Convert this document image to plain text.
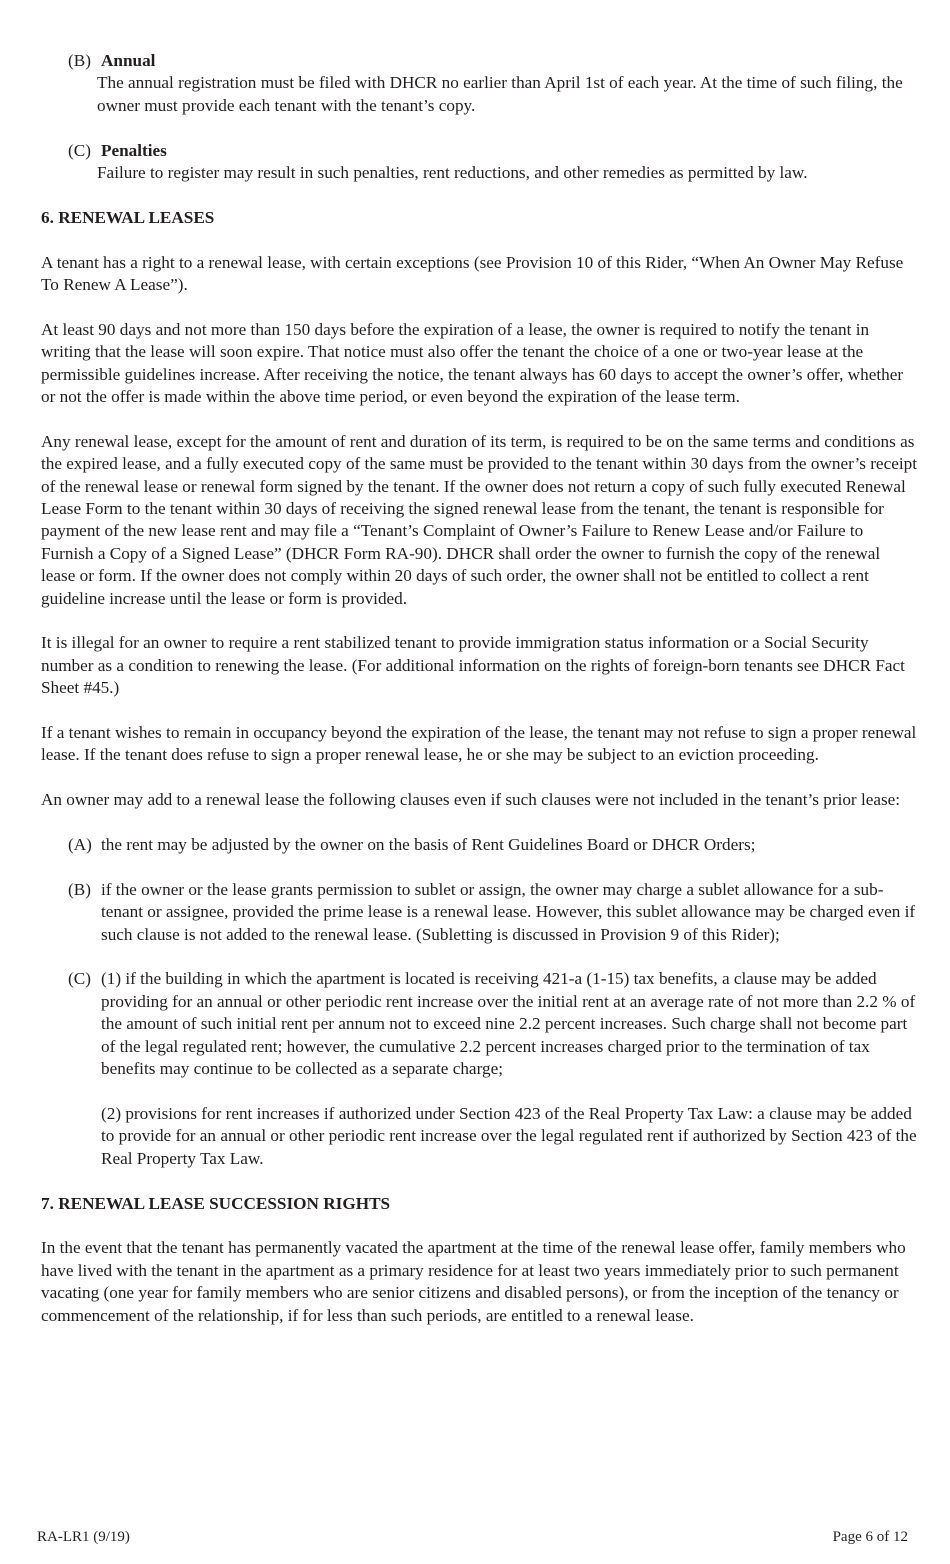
(B) Annual
The annual registration must be filed with DHCR no earlier than April 1st of each year. At the time of such filing, the owner must provide each tenant with the tenant’s copy.
(C) Penalties
Failure to register may result in such penalties, rent reductions, and other remedies as permitted by law.
6. RENEWAL LEASES

A tenant has a right to a renewal lease, with certain exceptions (see Provision 10 of this Rider, “When An Owner May Refuse To Renew A Lease”).

At least 90 days and not more than 150 days before the expiration of a lease, the owner is required to notify the tenant in writing that the lease will soon expire. That notice must also offer the tenant the choice of a one or two-year lease at the permissible guidelines increase. After receiving the notice, the tenant always has 60 days to accept the owner’s offer, whether or not the offer is made within the above time period, or even beyond the expiration of the lease term.

Any renewal lease, except for the amount of rent and duration of its term, is required to be on the same terms and conditions as the expired lease, and a fully executed copy of the same must be provided to the tenant within 30 days from the owner’s receipt of the renewal lease or renewal form signed by the tenant. If the owner does not return a copy of such fully executed Renewal Lease Form to the tenant within 30 days of receiving the signed renewal lease from the tenant, the tenant is responsible for payment of the new lease rent and may file a “Tenant’s Complaint of Owner’s Failure to Renew Lease and/or Failure to Furnish a Copy of a Signed Lease” (DHCR Form RA-90). DHCR shall order the owner to furnish the copy of the renewal lease or form. If the owner does not comply within 20 days of such order, the owner shall not be entitled to collect a rent guideline increase until the lease or form is provided.

It is illegal for an owner to require a rent stabilized tenant to provide immigration status information or a Social Security number as a condition to renewing the lease. (For additional information on the rights of foreign-born tenants see DHCR Fact Sheet #45.)

If a tenant wishes to remain in occupancy beyond the expiration of the lease, the tenant may not refuse to sign a proper renewal lease. If the tenant does refuse to sign a proper renewal lease, he or she may be subject to an eviction proceeding.

An owner may add to a renewal lease the following clauses even if such clauses were not included in the tenant’s prior lease:

(A) the rent may be adjusted by the owner on the basis of Rent Guidelines Board or DHCR Orders;
(B) if the owner or the lease grants permission to sublet or assign, the owner may charge a sublet allowance for a sub-tenant or assignee, provided the prime lease is a renewal lease. However, this sublet allowance may be charged even if such clause is not added to the renewal lease. (Subletting is discussed in Provision 9 of this Rider);
(C) (1) if the building in which the apartment is located is receiving 421-a (1-15) tax benefits, a clause may be added providing for an annual or other periodic rent increase over the initial rent at an average rate of not more than 2.2 % of the amount of such initial rent per annum not to exceed nine 2.2 percent increases. Such charge shall not become part of the legal regulated rent; however, the cumulative 2.2 percent increases charged prior to the termination of tax benefits may continue to be collected as a separate charge;
(2) provisions for rent increases if authorized under Section 423 of the Real Property Tax Law: a clause may be added to provide for an annual or other periodic rent increase over the legal regulated rent if authorized by Section 423 of the Real Property Tax Law.
7. RENEWAL LEASE SUCCESSION RIGHTS

In the event that the tenant has permanently vacated the apartment at the time of the renewal lease offer, family members who have lived with the tenant in the apartment as a primary residence for at least two years immediately prior to such permanent vacating (one year for family members who are senior citizens and disabled persons), or from the inception of the tenancy or commencement of the relationship, if for less than such periods, are entitled to a renewal lease.

RA-LR1 (9/19)	Page 6 of 12
